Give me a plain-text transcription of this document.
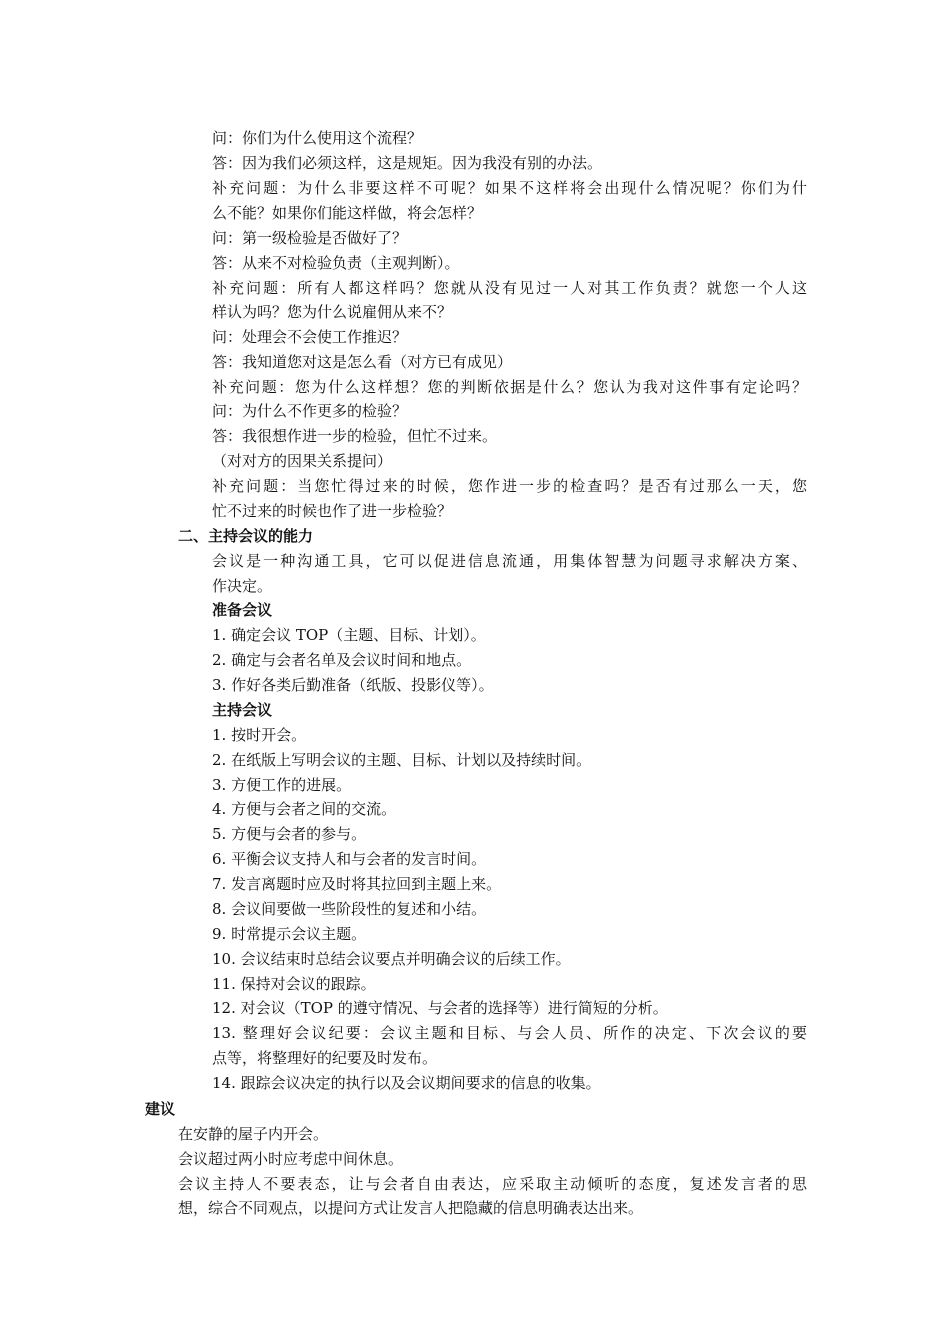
问：你们为什么使用这个流程？
答：因为我们必须这样，这是规矩。因为我没有别的办法。
补充问题：为什么非要这样不可呢？如果不这样将会出现什么情况呢？你们为什
么不能？如果你们能这样做，将会怎样？
问：第一级检验是否做好了？
答：从来不对检验负责（主观判断）。
补充问题：所有人都这样吗？您就从没有见过一人对其工作负责？就您一个人这
样认为吗？您为什么说雇佣从来不？
问：处理会不会使工作推迟？
答：我知道您对这是怎么看（对方已有成见）
补充问题：您为什么这样想？您的判断依据是什么？您认为我对这件事有定论吗？
问：为什么不作更多的检验？
答：我很想作进一步的检验，但忙不过来。
（对对方的因果关系提问）
补充问题：当您忙得过来的时候，您作进一步的检查吗？是否有过那么一天，您
忙不过来的时候也作了进一步检验？
二、主持会议的能力
会议是一种沟通工具，它可以促进信息流通，用集体智慧为问题寻求解决方案、
作决定。
准备会议
1. 确定会议 TOP（主题、目标、计划）。
2. 确定与会者名单及会议时间和地点。
3. 作好各类后勤准备（纸版、投影仪等）。
主持会议
1. 按时开会。
2. 在纸版上写明会议的主题、目标、计划以及持续时间。
3. 方便工作的进展。
4. 方便与会者之间的交流。
5. 方便与会者的参与。
6. 平衡会议支持人和与会者的发言时间。
7. 发言离题时应及时将其拉回到主题上来。
8. 会议间要做一些阶段性的复述和小结。
9. 时常提示会议主题。
10. 会议结束时总结会议要点并明确会议的后续工作。
11. 保持对会议的跟踪。
12. 对会议（TOP 的遵守情况、与会者的选择等）进行简短的分析。
13. 整理好会议纪要：会议主题和目标、与会人员、所作的决定、下次会议的要
点等，将整理好的纪要及时发布。
14. 跟踪会议决定的执行以及会议期间要求的信息的收集。
建议
在安静的屋子内开会。
会议超过两小时应考虑中间休息。
会议主持人不要表态，让与会者自由表达，应采取主动倾听的态度，复述发言者的思
想，综合不同观点，以提问方式让发言人把隐藏的信息明确表达出来。
